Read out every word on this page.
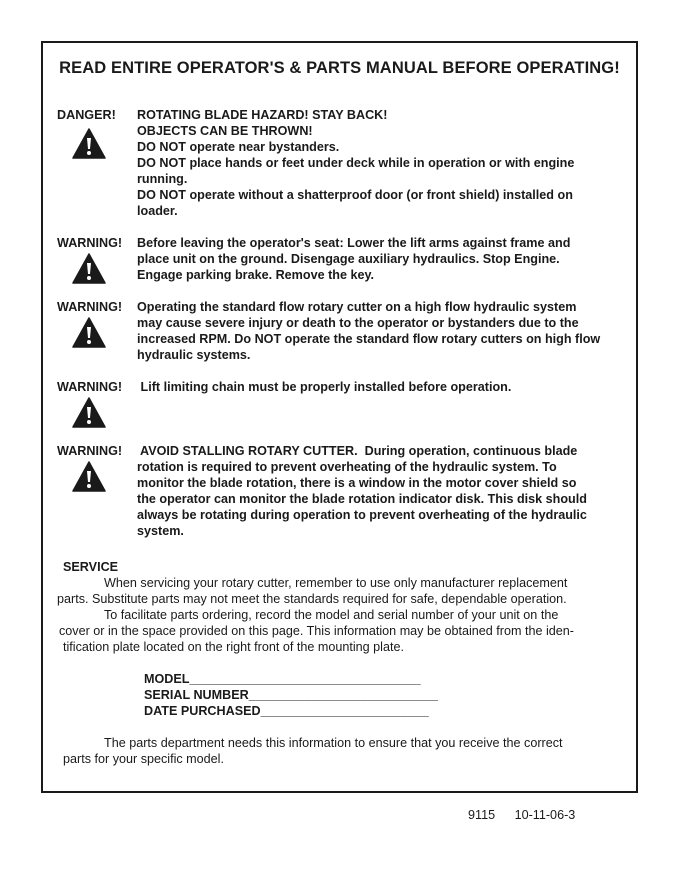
READ ENTIRE OPERATOR'S & PARTS MANUAL BEFORE OPERATING!
DANGER! ROTATING BLADE HAZARD! STAY BACK!
OBJECTS CAN BE THROWN!
DO NOT operate near bystanders.
DO NOT place hands or feet under deck while in operation or with engine
running.
DO NOT operate without a shatterproof door (or front shield) installed on
loader.
WARNING! Before leaving the operator's seat: Lower the lift arms against frame and
place unit on the ground. Disengage auxiliary hydraulics. Stop Engine.
Engage parking brake. Remove the key.
WARNING! Operating the standard flow rotary cutter on a high flow hydraulic system
may cause severe injury or death to the operator or bystanders due to the
increased RPM. Do NOT operate the standard flow rotary cutters on high flow
hydraulic systems.
WARNING! Lift limiting chain must be properly installed before operation.
WARNING! AVOID STALLING ROTARY CUTTER.  During operation, continuous blade
rotation is required to prevent overheating of the hydraulic system. To
monitor the blade rotation, there is a window in the motor cover shield so
the operator can monitor the blade rotation indicator disk. This disk should
always be rotating during operation to prevent overheating of the hydraulic
system.
SERVICE
When servicing your rotary cutter, remember to use only manufacturer replacement
parts. Substitute parts may not meet the standards required for safe, dependable operation.
To facilitate parts ordering, record the model and serial number of your unit on the
cover or in the space provided on this page. This information may be obtained from the iden-
tification plate located on the right front of the mounting plate.
MODEL_________________________________
SERIAL NUMBER___________________________
DATE PURCHASED________________________
The parts department needs this information to ensure that you receive the correct
parts for your specific model.
9115 10-11-06-3
